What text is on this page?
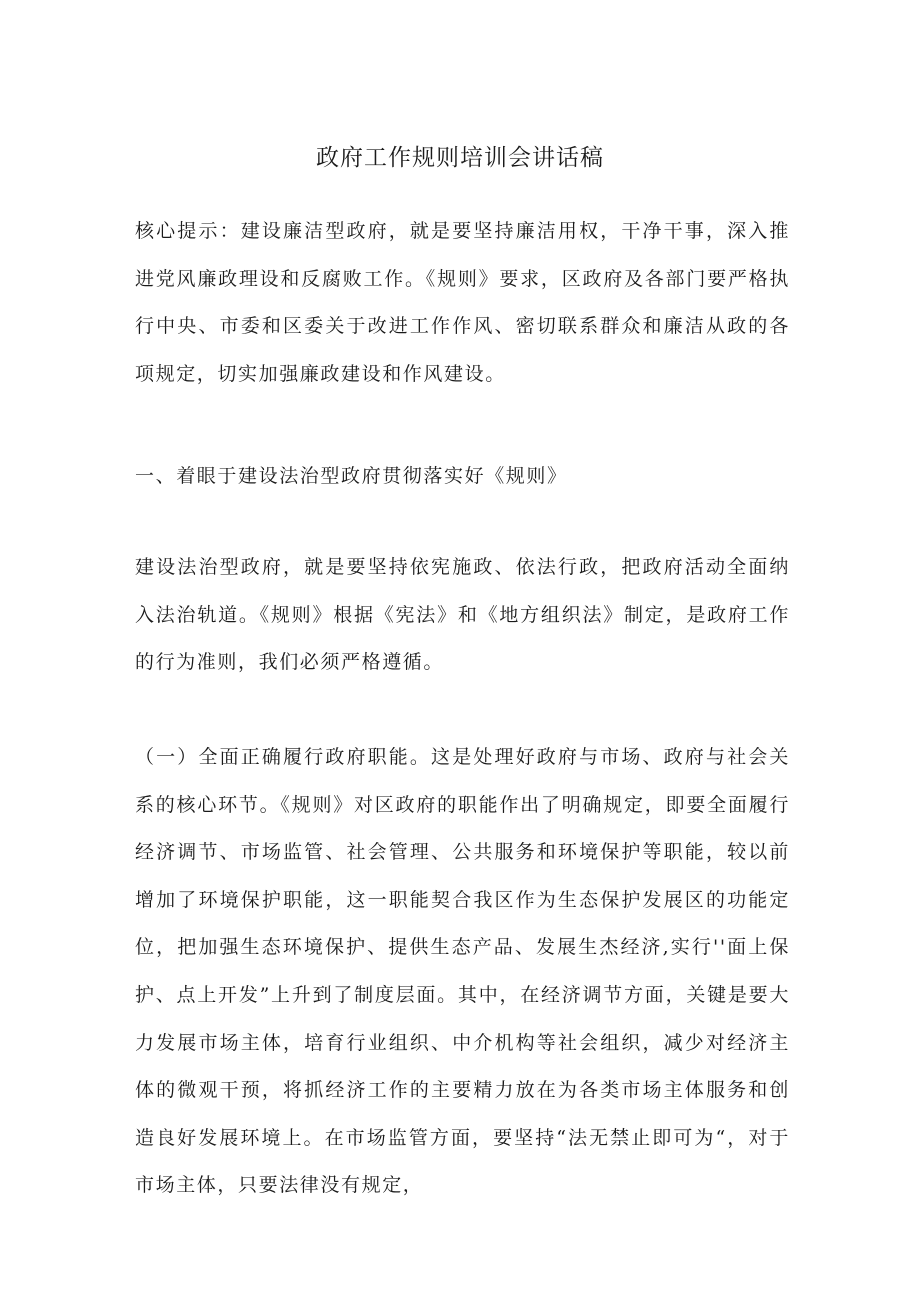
政府工作规则培训会讲话稿

核心提示：建设廉洁型政府，就是要坚持廉洁用权，干净干事，深入推进党风廉政理设和反腐败工作。《规则》要求，区政府及各部门要严格执行中央、市委和区委关于改进工作作风、密切联系群众和廉洁从政的各项规定，切实加强廉政建设和作风建设。

一、着眼于建设法治型政府贯彻落实好《规则》

建设法治型政府，就是要坚持依宪施政、依法行政，把政府活动全面纳入法治轨道。《规则》根据《宪法》和《地方组织法》制定，是政府工作的行为准则，我们必须严格遵循。

（一）全面正确履行政府职能。这是处理好政府与市场、政府与社会关系的核心环节。《规则》对区政府的职能作出了明确规定，即要全面履行经济调节、市场监管、社会管理、公共服务和环境保护等职能，较以前增加了环境保护职能，这一职能契合我区作为生态保护发展区的功能定位，把加强生态环境保护、提供生态产品、发展生杰经济,实行''面上保护、点上开发”上升到了制度层面。其中，在经济调节方面，关键是要大力发展市场主体，培育行业组织、中介机构等社会组织，减少对经济主体的微观干预，将抓经济工作的主要精力放在为各类市场主体服务和创造良好发展环境上。在市场监管方面，要坚持“法无禁止即可为“，对于市场主体，只要法律没有规定，
